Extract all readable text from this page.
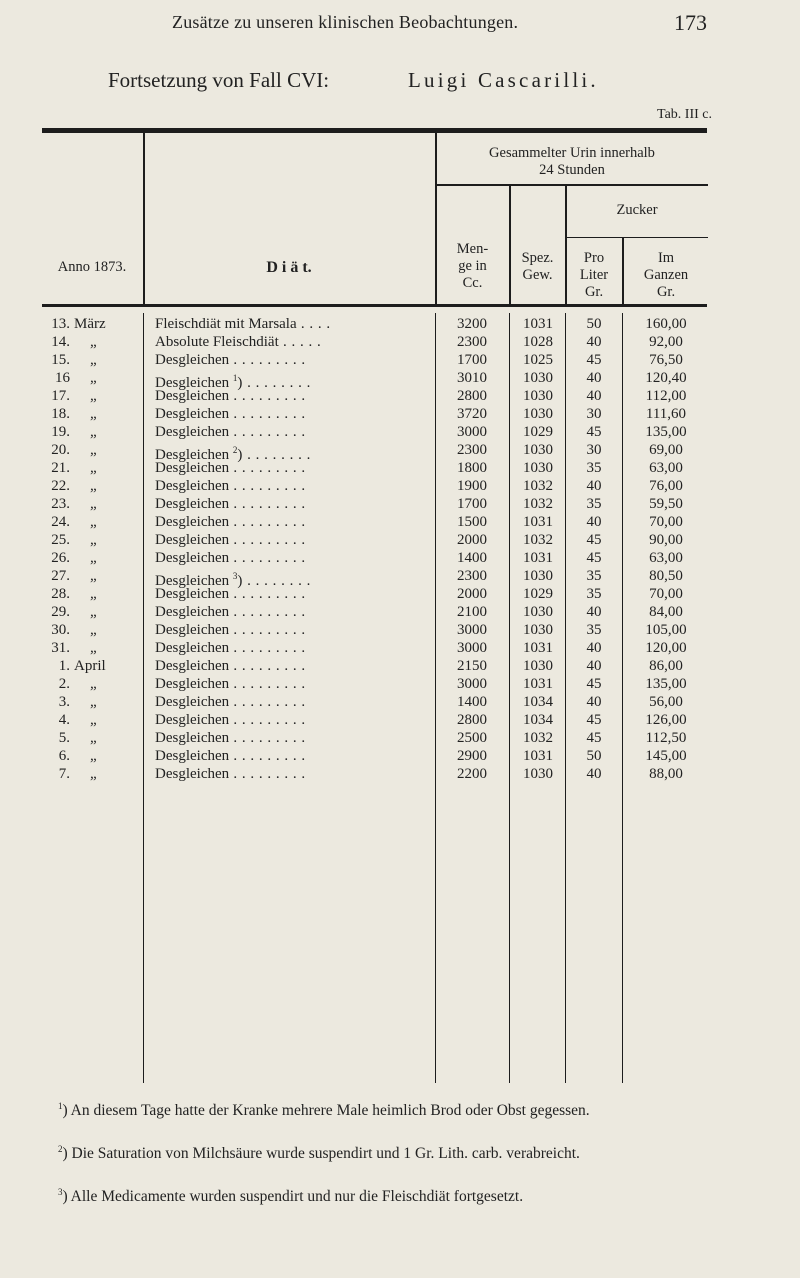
Zusätze zu unseren klinischen Beobachtungen.	173
Fortsetzung von Fall CVI:	Luigi Cascarilli.
Tab. III c.
Anno 1873.	D i ä t.
Gesammelter Urin innerhalb
24 Stunden
Men-
ge in
Cc.
Spez.
Gew.
Zucker
Pro
Liter
Gr.
Im
Ganzen
Gr.
13. März	Fleischdiät mit Marsala . . . .	3200	1031	50	160,00
14. „	Absolute Fleischdiät . . . . .	2300	1028	40	92,00
15. „	Desgleichen . . . . . . . . .	1700	1025	45	76,50
16 „	Desgleichen $^1$) . . . . . . . .	3010	1030	40	120,40
17. „	Desgleichen . . . . . . . . .	2800	1030	40	112,00
18. „	Desgleichen . . . . . . . . .	3720	1030	30	111,60
19. „	Desgleichen . . . . . . . . .	3000	1029	45	135,00
20. „	Desgleichen $^2$) . . . . . . . .	2300	1030	30	69,00
21. „	Desgleichen . . . . . . . . .	1800	1030	35	63,00
22. „	Desgleichen . . . . . . . . .	1900	1032	40	76,00
23. „	Desgleichen . . . . . . . . .	1700	1032	35	59,50
24. „	Desgleichen . . . . . . . . .	1500	1031	40	70,00
25. „	Desgleichen . . . . . . . . .	2000	1032	45	90,00
26. „	Desgleichen . . . . . . . . .	1400	1031	45	63,00
27. „	Desgleichen $^3$) . . . . . . . .	2300	1030	35	80,50
28. „	Desgleichen . . . . . . . . .	2000	1029	35	70,00
29. „	Desgleichen . . . . . . . . .	2100	1030	40	84,00
30. „	Desgleichen . . . . . . . . .	3000	1030	35	105,00
31. „	Desgleichen . . . . . . . . .	3000	1031	40	120,00
1. April	Desgleichen . . . . . . . . .	2150	1030	40	86,00
2. „	Desgleichen . . . . . . . . .	3000	1031	45	135,00
3. „	Desgleichen . . . . . . . . .	1400	1034	40	56,00
4. „	Desgleichen . . . . . . . . .	2800	1034	45	126,00
5. „	Desgleichen . . . . . . . . .	2500	1032	45	112,50
6. „	Desgleichen . . . . . . . . .	2900	1031	50	145,00
7. „	Desgleichen . . . . . . . . .	2200	1030	40	88,00
$^1$) An diesem Tage hatte der Kranke mehrere Male heimlich Brod oder Obst gegessen.
$^2$) Die Saturation von Milchsäure wurde suspendirt und 1 Gr. Lith. carb. verabreicht.
$^3$) Alle Medicamente wurden suspendirt und nur die Fleischdiät fortgesetzt.
